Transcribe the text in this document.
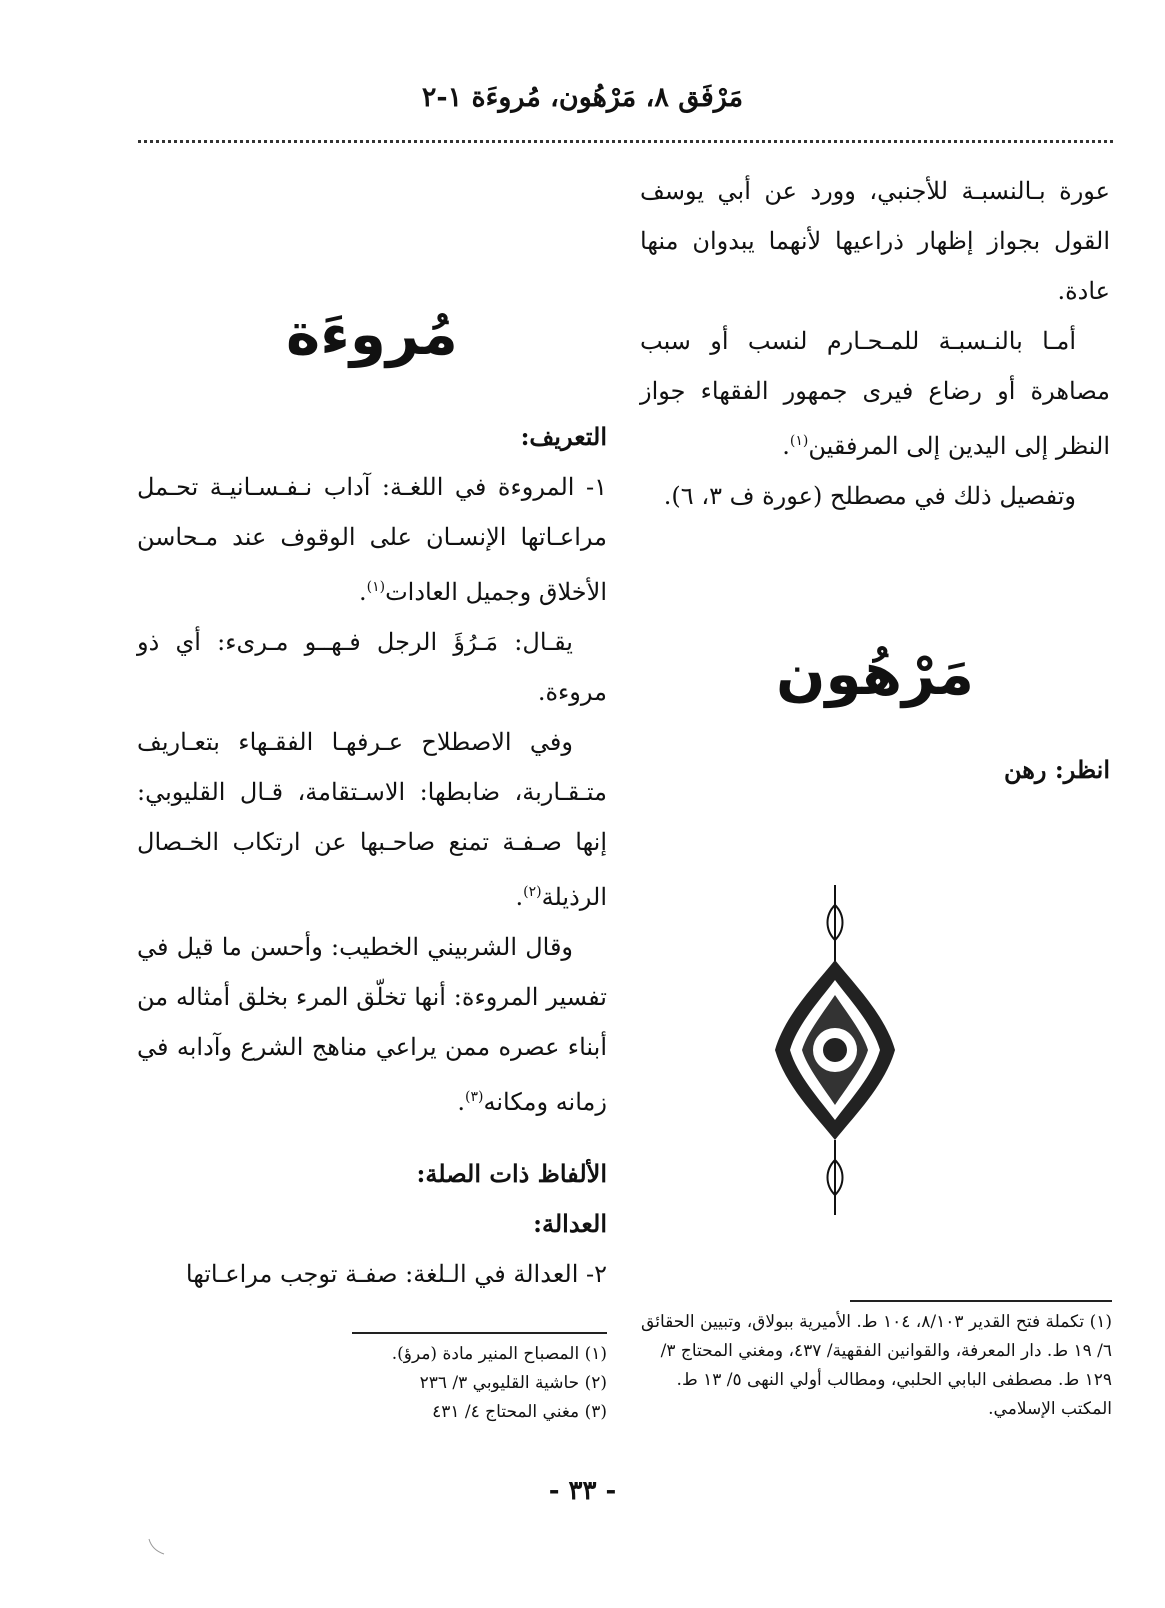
مَرْفَق ٨، مَرْهُون، مُروءَة ١-٢

عورة بـالنسبـة للأجنبي، وورد عن أبي يوسف القول بجواز إظهار ذراعيها لأنهما يبدوان منها عادة.

أمـا بالنـسبـة للمـحـارم لنسب أو سبب مصاهرة أو رضاع فيرى جمهور الفقهاء جواز النظر إلى اليدين إلى المرفقين$^{(١)}$.

وتفصيل ذلك في مصطلح (عورة ف ٣، ٦).

مَرْهُون
انظر: رهن

(١) تكملة فتح القدير ٨/١٠٣، ١٠٤ ط. الأميرية ببولاق، وتبيين الحقائق ٦/ ١٩ ط. دار المعرفة، والقوانين الفقهية/ ٤٣٧، ومغني المحتاج ٣/ ١٢٩ ط. مصطفى البابي الحلبي، ومطالب أولي النهى ٥/ ١٣ ط. المكتب الإسلامي.

مُروءَة

التعريف:

١- المروءة في اللغـة: آداب نـفـسـانيـة تحـمل مراعـاتها الإنسـان على الوقوف عند مـحاسن الأخلاق وجميل العادات$^{(١)}$.

يقـال: مَـرُؤَ الرجل فـهــو مـرىء: أي ذو مروءة.

وفي الاصطلاح عـرفهـا الفقـهاء بتعـاريف متـقـاربة، ضابطها: الاسـتقامة، قـال القليوبي: إنها صـفـة تمنع صاحـبها عن ارتكاب الخـصال الرذيلة$^{(٢)}$.

وقال الشربيني الخطيب: وأحسن ما قيل في تفسير المروءة: أنها تخلّق المرء بخلق أمثاله من أبناء عصره ممن يراعي مناهج الشرع وآدابه في زمانه ومكانه$^{(٣)}$.

الألفاظ ذات الصلة:

العدالة:

٢- العدالة في الـلغة: صفـة توجب مراعـاتها

(١) المصباح المنير مادة (مرؤ).

(٢) حاشية القليوبي ٣/ ٢٣٦

(٣) مغني المحتاج ٤/ ٤٣١

- ٣٣ -
